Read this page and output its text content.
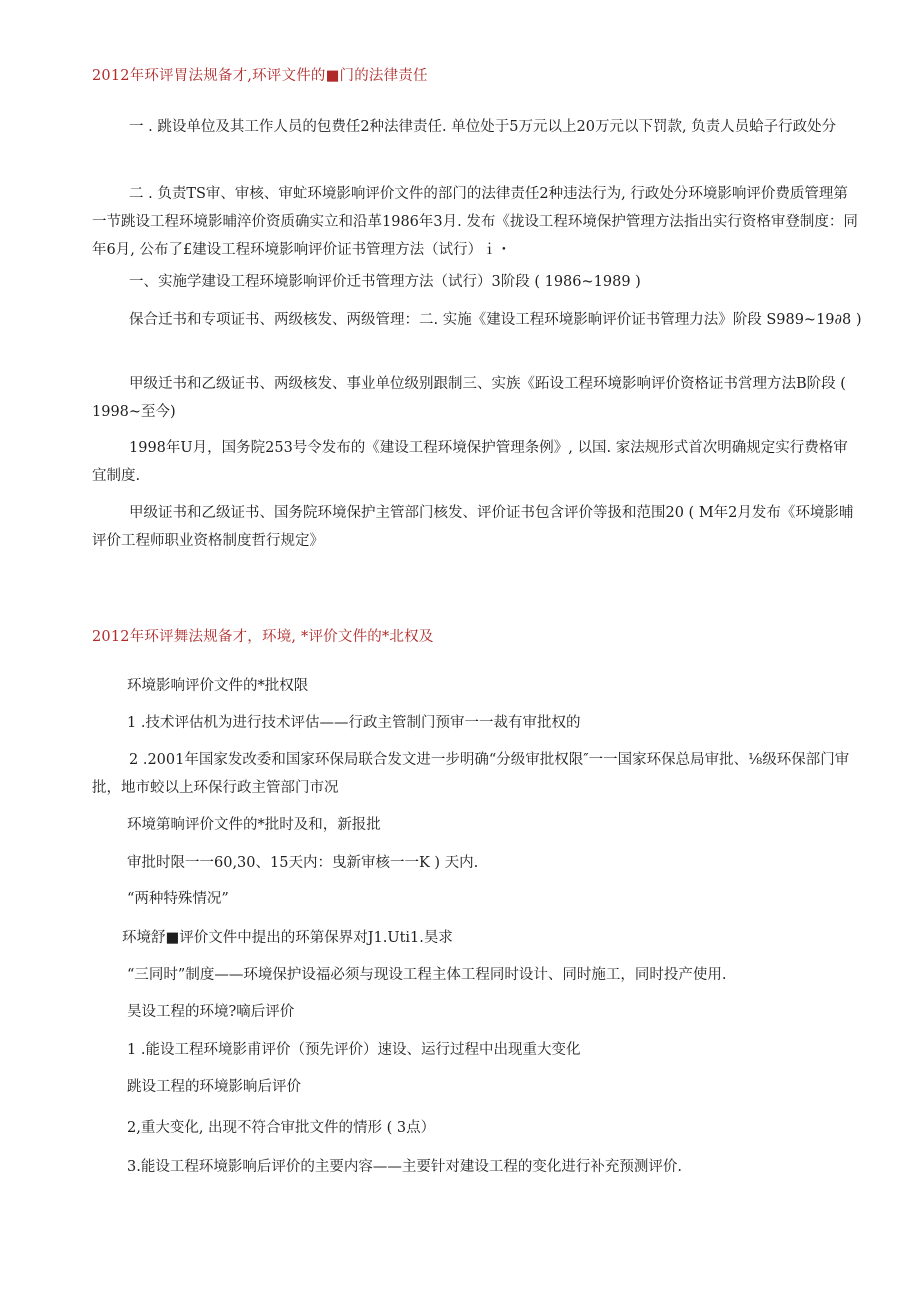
2012年环评胃法规备才,环评文件的■门的法律责任
一 . 跳设单位及其工作人员的包费任2种法律责任. 单位处于5万元以上20万元以下罚款, 负责人员蛤子行政处分
二 . 负责TS审、审核、审虻环境影响评价文件的部门的法律责任2种违法行为, 行政处分环境影响评价费质管理第一节跳设工程环境影晡淬价资质确实立和沿革1986年3月. 发布《拢设工程环境保护管理方法指出实行资格审登制度：同年6月, 公布了£建设工程环境影响评价证书管理方法（试行）ｉ・
一、实施学建设工程环境影响评价迁书管理方法（试行）3阶段 ( 1986~1989 )
保合迁书和专项证书、两级核发、两级管理：二. 实施《建设工程环境影晌评价证书管理力法》阶段 S989~19∂8 )
甲级迁书和乙级证书、两级核发、事业单位级别跟制三、实族《跖设工程环境影响评价资格证书営理方法B阶段 ( 1998~至今)
1998年U月，国务院253号令发布的《建设工程环境保护管理条例》, 以国. 家法规形式首次明确规定实行费格审宜制度.
甲级证书和乙级证书、国务院环境保护主管部门核发、评价证书包含评价等扱和范围20 ( M年2月发布《环境影晡评价工程师职业资格制度哲行规定》
2012年环评舞法规备才，环境, *评价文件的*北权及
环境影响评价文件的*批权限
1 .技术评估机为进行技术评估——行政主管制门预审一一裁有审批权的
2 .2001年国家发改委和国家环保局联合发文进一步明确“分级审批权限″一一国家环保总局审批、⅛级环保部门审批，地市蛟以上环保行政主管部门市况
环境第晌评价文件的*批时及和，新报批
审批时限一一60,30、15天内：曳新审核一一K ) 天内.
“两种特殊情况”
环境舒■评价文件中提出的环第保界对J1.Uti1.昊求
“三同时”制度——环境保护设福必须与现设工程主体工程同时设计、同时施工，同时投产使用.
昊设工程的环境?嘀后评价
1 .能设工程环境影甫评价（预先评价）速设、运行过程中出现重大变化
跳设工程的环境影晌后评价
2,重大变化, 出现不符合审批文件的情形 ( 3点）
3.能设工程环境影响后评价的主要内容——主要针对建设工程的变化进行补充预测评价.
